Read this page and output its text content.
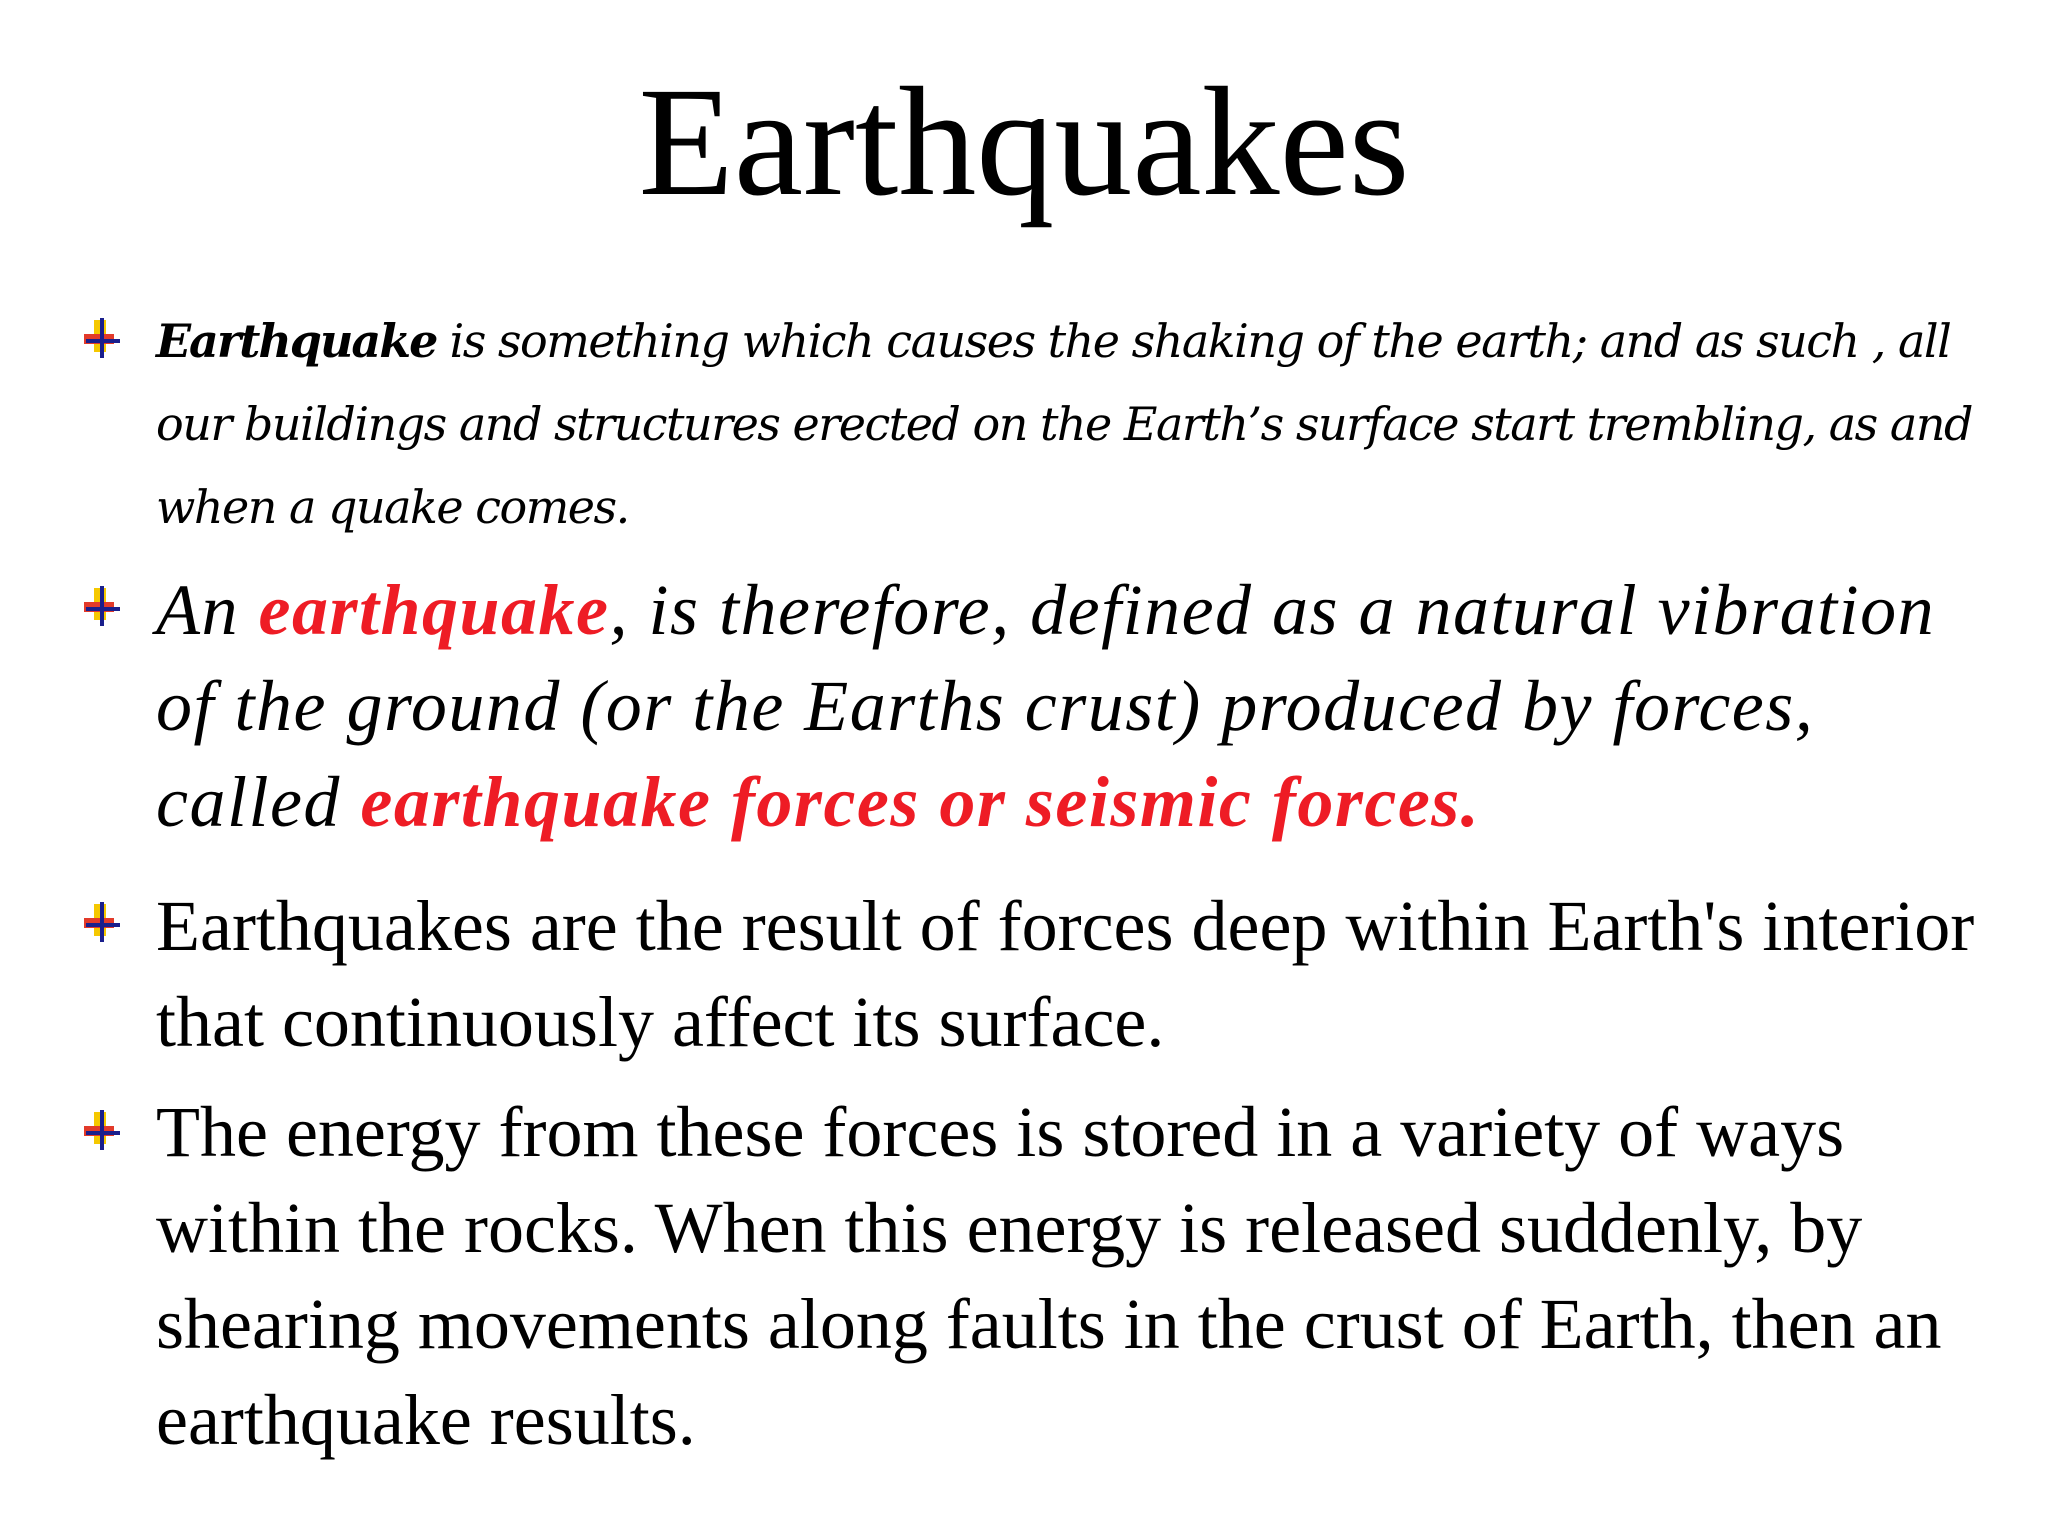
Earthquakes

Earthquake is something which causes the shaking of the earth; and as such , all our buildings and structures erected on the Earth’s surface start trembling, as and when a quake comes.

An earthquake, is therefore, defined as a natural vibration of the ground (or the Earths crust) produced by forces, called earthquake forces or seismic forces.

Earthquakes are the result of forces deep within Earth's interior that continuously affect its surface.

The energy from these forces is stored in a variety of ways within the rocks. When this energy is released suddenly, by shearing movements along faults in the crust of Earth, then an earthquake results.
